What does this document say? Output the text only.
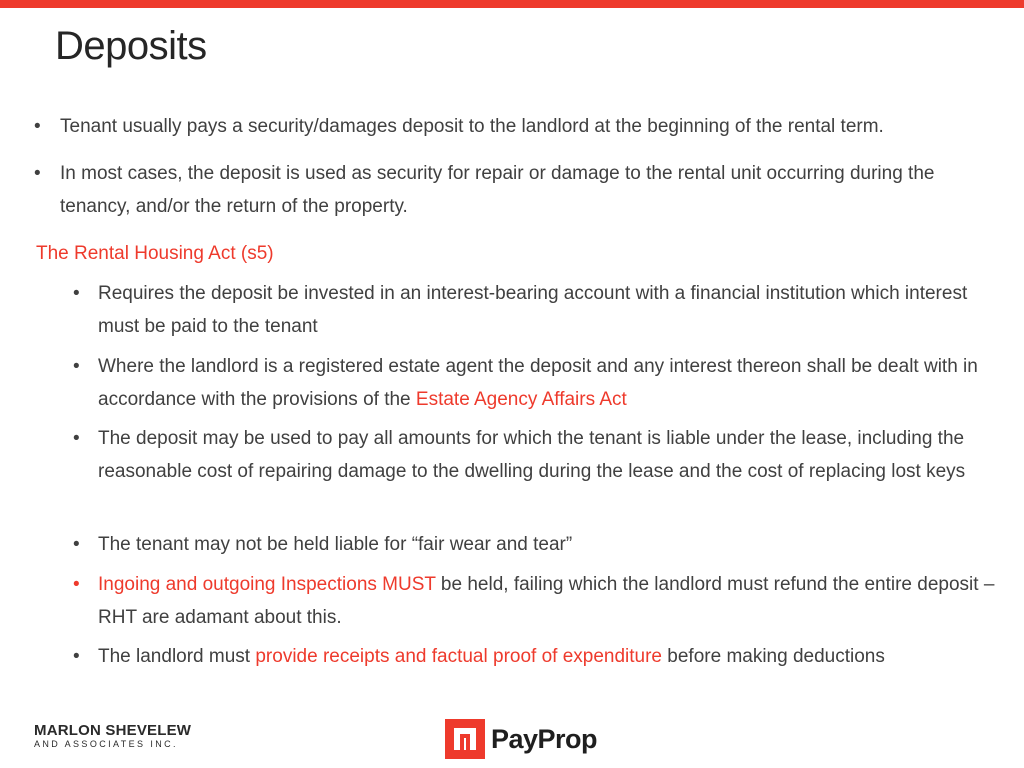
Deposits
•	Tenant usually pays a security/damages deposit to the landlord at the beginning of the rental term.
•	In most cases, the deposit is used as security for repair or damage to the rental unit occurring during the tenancy, and/or the return of the property.
The Rental Housing Act (s5)
• Requires the deposit be invested in an interest-bearing account with a financial institution which interest must be paid to the tenant
• Where the landlord is a registered estate agent the deposit and any interest thereon shall be dealt with in accordance with the provisions of the Estate Agency Affairs Act
• The deposit may be used to pay all amounts for which the tenant is liable under the lease, including the reasonable cost of repairing damage to the dwelling during the lease and the cost of replacing lost keys
• The tenant may not be held liable for “fair wear and tear”
• Ingoing and outgoing Inspections MUST be held, failing which the landlord must refund the entire deposit – RHT are adamant about this.
• The landlord must provide receipts and factual proof of expenditure before making deductions
MARLON SHEVELEW
AND ASSOCIATES INC.	PayProp
